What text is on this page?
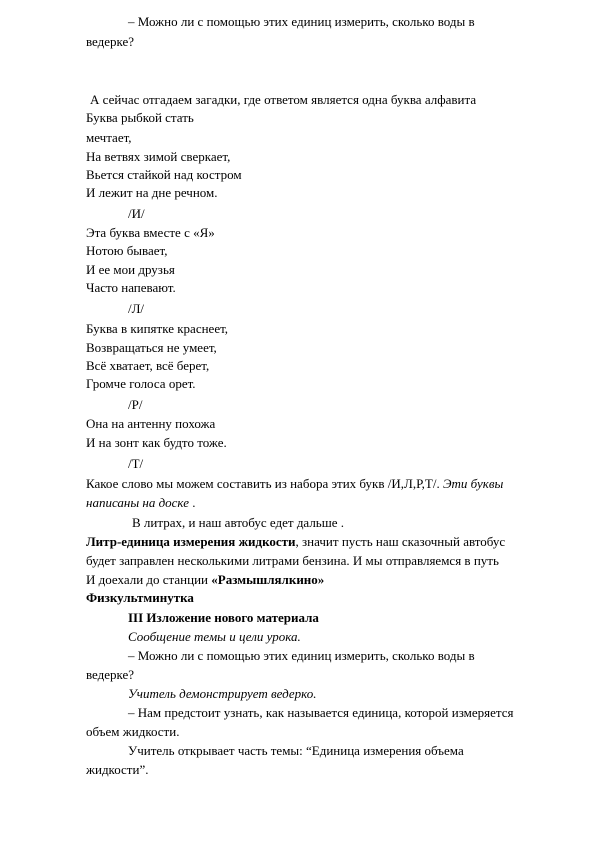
– Можно ли с помощью этих единиц измерить, сколько воды в
ведерке?
А сейчас отгадаем загадки, где ответом является одна буква алфавита
Буква рыбкой стать
мечтает,
На ветвях зимой сверкает,
Вьется стайкой над костром
И лежит на дне речном.
/И/
Эта буква вместе с «Я»
Нотою бывает,
И ее мои друзья
Часто напевают.
/Л/
Буква в кипятке краснеет,
Возвращаться не умеет,
Всё хватает, всё берет,
Громче голоса орет.
/Р/
Она на антенну похожа
И на зонт как будто тоже.
/Т/
Какое слово мы можем составить из набора этих букв /И,Л,Р,Т/. Эти буквы
написаны на доске .
В литрах, и наш автобус едет дальше .
Литр-единица измерения жидкости, значит пусть наш сказочный автобус
будет заправлен несколькими литрами бензина. И мы отправляемся в путь
И доехали до станции «Размышлялкино»
Физкультминутка
III Изложение нового материала
Сообщение темы и цели урока.
– Можно ли с помощью этих единиц измерить, сколько воды в
ведерке?
Учитель демонстрирует ведерко.
– Нам предстоит узнать, как называется единица, которой измеряется
объем жидкости.
Учитель открывает часть темы: “Единица измерения объема
жидкости”.
